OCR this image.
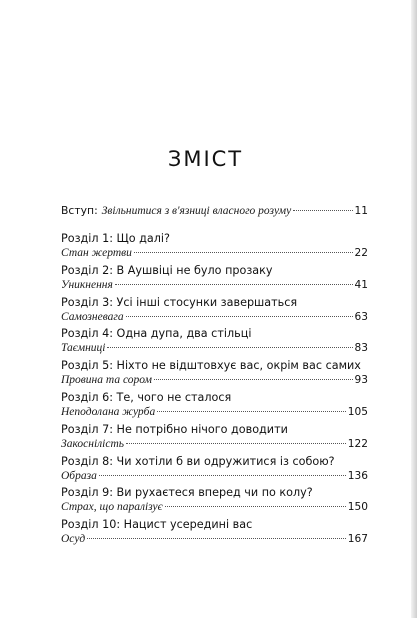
ЗМІСТ
Вступ : Звільнитися з в'язниці власного розуму	11
Розділ 1: Що далі?
Стан жертви	22
Розділ 2: В Аушвіці не було прозаку
Уникнення	41
Розділ 3: Усі інші стосунки завершаться
Самозневага	63
Розділ 4: Одна дупа, два стільці
Таємниці	83
Розділ 5: Ніхто не відштовхує вас, окрім вас самих
Провина та сором	93
Розділ 6: Те, чого не сталося
Неподолана журба	105
Розділ 7: Не потрібно нічого доводити
Закоснілість	122
Розділ 8: Чи хотіли б ви одружитися із собою?
Образа	136
Розділ 9: Ви рухаєтеся вперед чи по колу?
Страх, що паралізує	150
Розділ 10: Нацист усередині вас
Осуд	167
